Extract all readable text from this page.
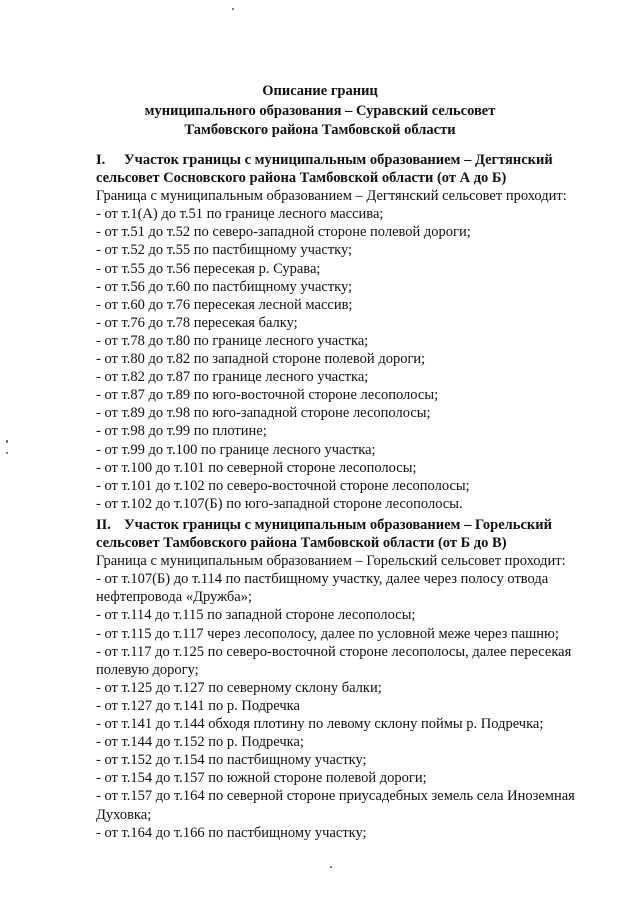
Описание границ
муниципального образования – Суравский сельсовет
Тамбовского района Тамбовской области
I. Участок границы с муниципальным образованием – Дегтянский
сельсовет Сосновского района Тамбовской области (от А до Б)
Граница с муниципальным образованием – Дегтянский сельсовет проходит:
- от т.1(А) до т.51 по границе лесного массива;
- от т.51 до т.52 по северо-западной стороне полевой дороги;
- от т.52 до т.55 по пастбищному участку;
- от т.55 до т.56 пересекая р. Сурава;
- от т.56 до т.60 по пастбищному участку;
- от т.60 до т.76 пересекая лесной массив;
- от т.76 до т.78 пересекая балку;
- от т.78 до т.80 по границе лесного участка;
- от т.80 до т.82 по западной стороне полевой дороги;
- от т.82 до т.87 по границе лесного участка;
- от т.87 до т.89 по юго-восточной стороне лесополосы;
- от т.89 до т.98 по юго-западной стороне лесополосы;
- от т.98 до т.99 по плотине;
- от т.99 до т.100 по границе лесного участка;
- от т.100 до т.101 по северной стороне лесополосы;
- от т.101 до т.102 по северо-восточной стороне лесополосы;
- от т.102 до т.107(Б) по юго-западной стороне лесополосы.
II. Участок границы с муниципальным образованием – Горельский
сельсовет Тамбовского района Тамбовской области (от Б до В)
Граница с муниципальным образованием – Горельский сельсовет проходит:
- от т.107(Б) до т.114 по пастбищному участку, далее через полосу отвода нефтепровода «Дружба»;
- от т.114 до т.115 по западной стороне лесополосы;
- от т.115 до т.117 через лесополосу, далее по условной меже через пашню;
- от т.117 до т.125 по северо-восточной стороне лесополосы, далее пересекая полевую дорогу;
- от т.125 до т.127 по северному склону балки;
- от т.127 до т.141 по р. Подречка
- от т.141 до т.144 обходя плотину по левому склону поймы р. Подречка;
- от т.144 до т.152 по р. Подречка;
- от т.152 до т.154 по пастбищному участку;
- от т.154 до т.157 по южной стороне полевой дороги;
- от т.157 до т.164 по северной стороне приусадебных земель села Иноземная Духовка;
- от т.164 до т.166 по пастбищному участку;
